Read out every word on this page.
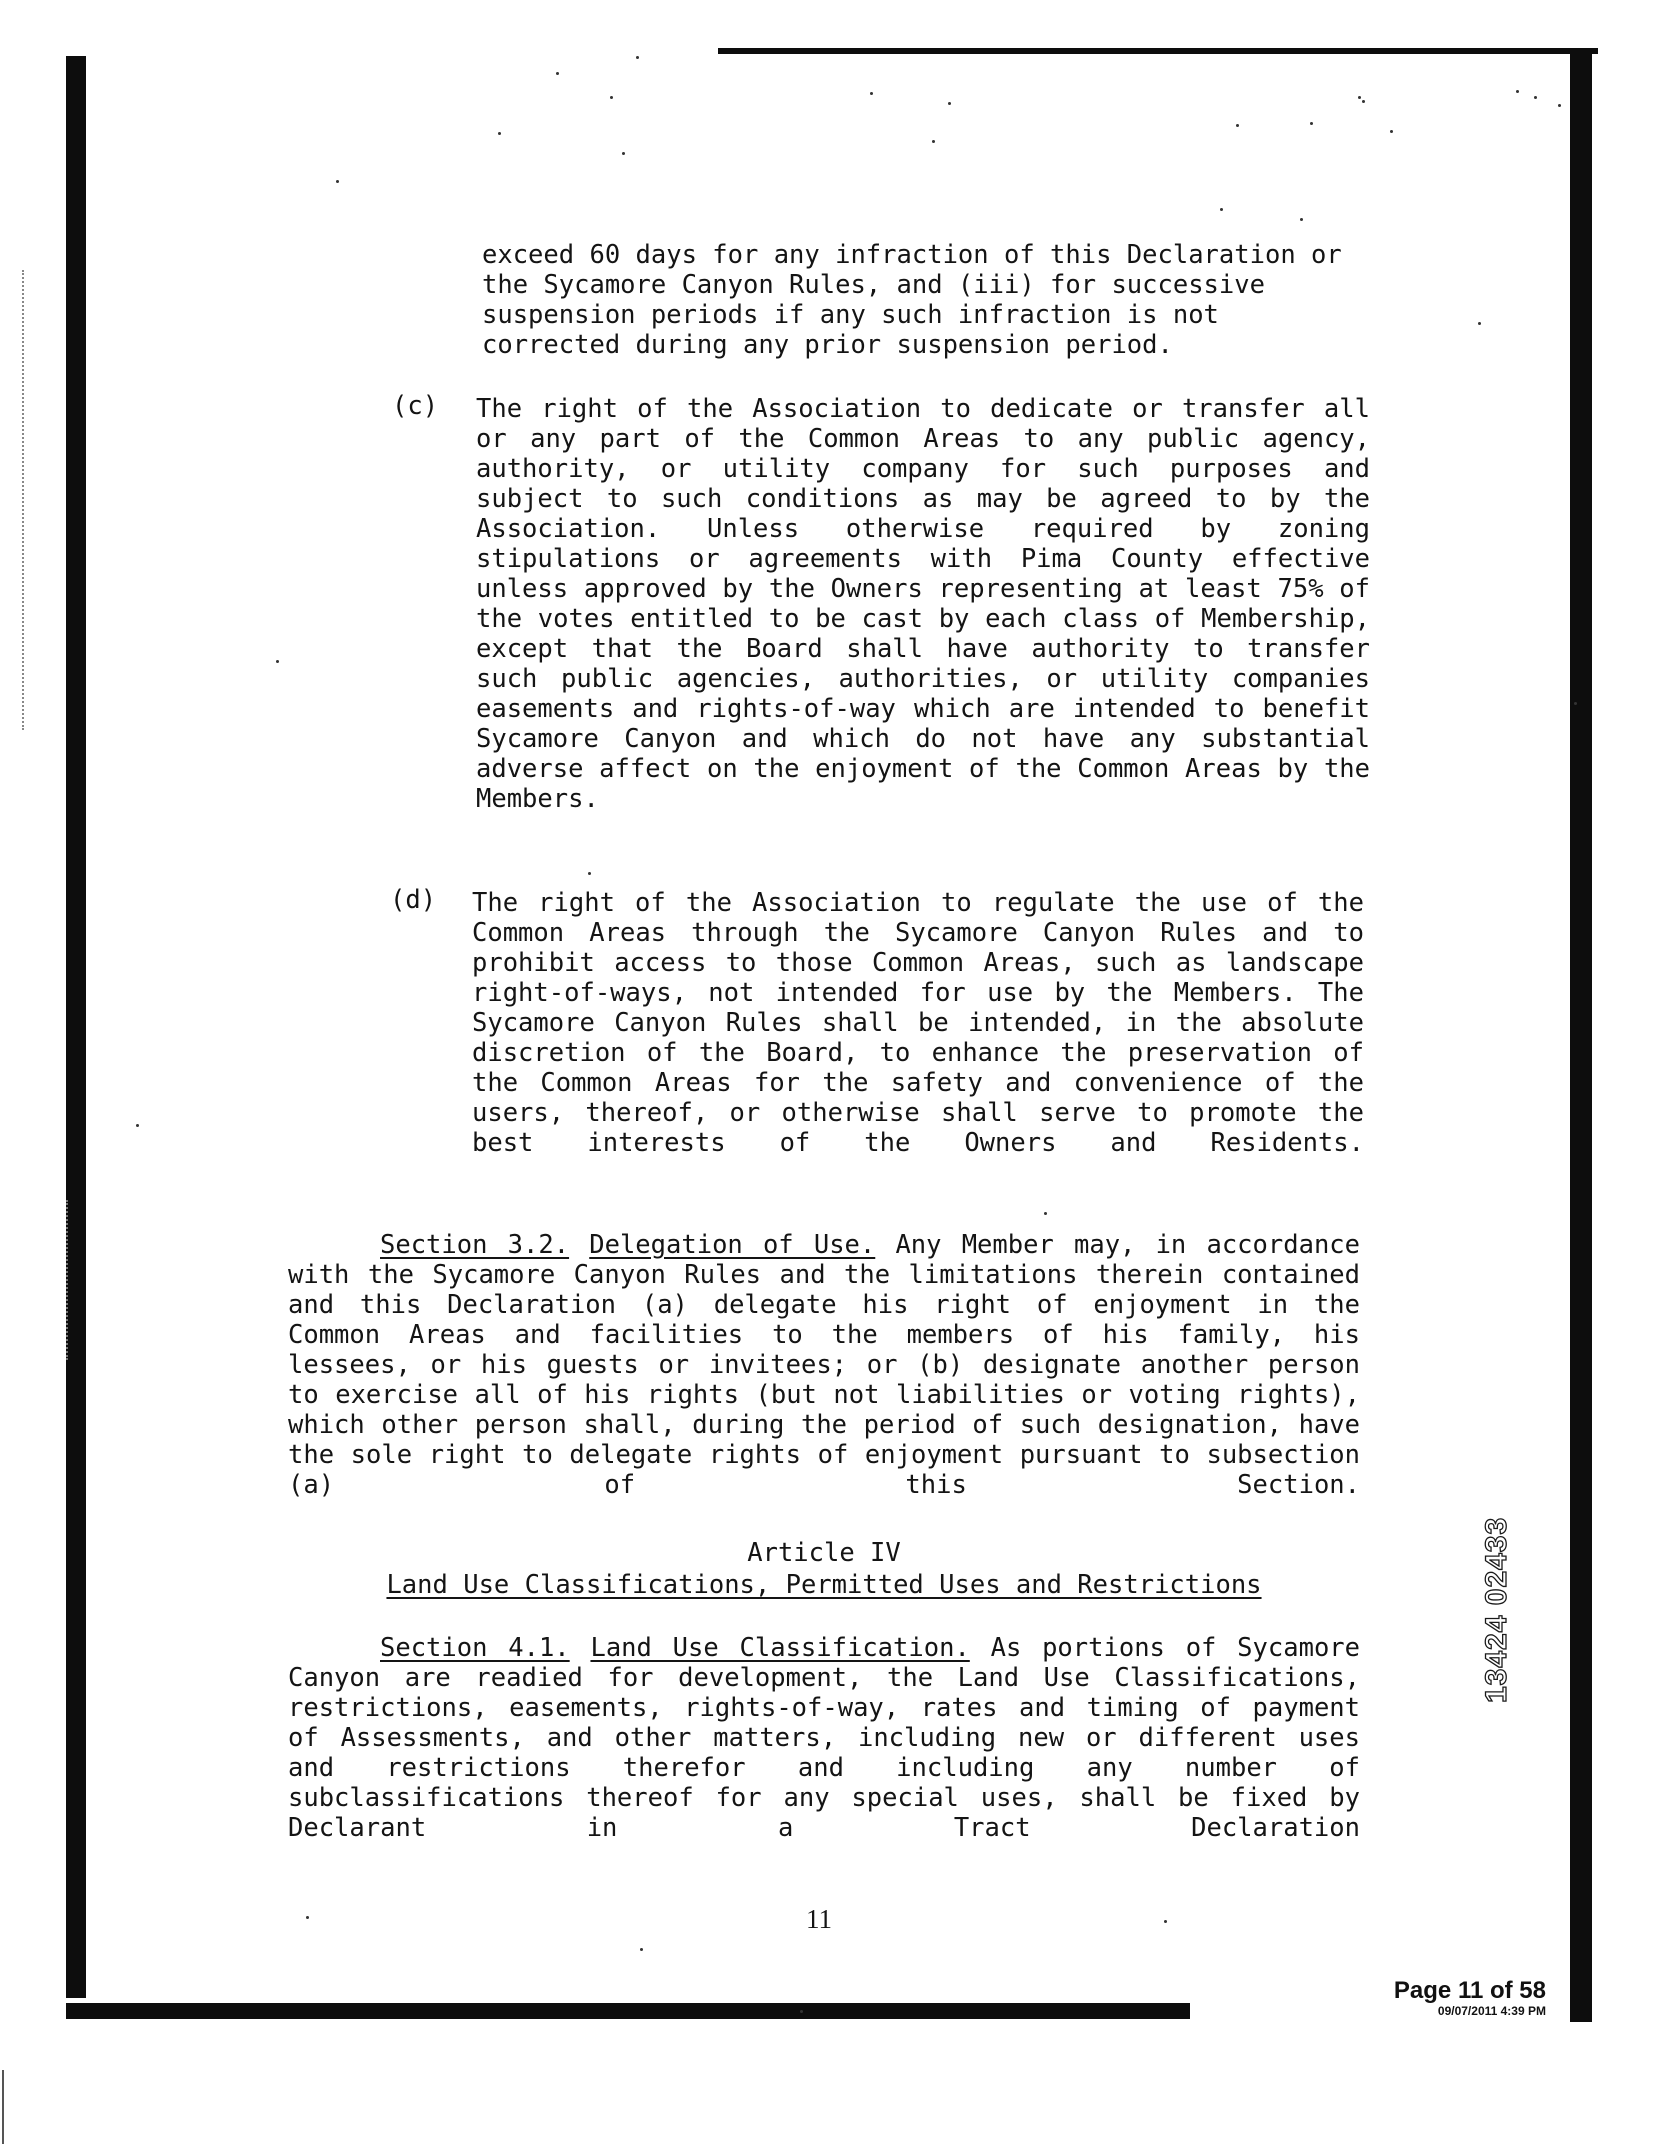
exceed 60 days for any infraction of this Declaration or the Sycamore Canyon Rules, and (iii) for successive suspension periods if any such infraction is not corrected during any prior suspension period.

(c) The right of the Association to dedicate or transfer all or any part of the Common Areas to any public agency, authority, or utility company for such purposes and subject to such conditions as may be agreed to by the Association. Unless otherwise required by zoning stipulations or agreements with Pima County effective unless approved by the Owners representing at least 75% of the votes entitled to be cast by each class of Membership, except that the Board shall have authority to transfer such public agencies, authorities, or utility companies easements and rights-of-way which are intended to benefit Sycamore Canyon and which do not have any substantial adverse affect on the enjoyment of the Common Areas by the Members.

(d) The right of the Association to regulate the use of the Common Areas through the Sycamore Canyon Rules and to prohibit access to those Common Areas, such as landscape right-of-ways, not intended for use by the Members. The Sycamore Canyon Rules shall be intended, in the absolute discretion of the Board, to enhance the preservation of the Common Areas for the safety and convenience of the users, thereof, or otherwise shall serve to promote the best interests of the Owners and Residents.

Section 3.2. Delegation of Use. Any Member may, in accordance with the Sycamore Canyon Rules and the limitations therein contained and this Declaration (a) delegate his right of enjoyment in the Common Areas and facilities to the members of his family, his lessees, or his guests or invitees; or (b) designate another person to exercise all of his rights (but not liabilities or voting rights), which other person shall, during the period of such designation, have the sole right to delegate rights of enjoyment pursuant to subsection (a) of this Section.

Article IV
Land Use Classifications, Permitted Uses and Restrictions

Section 4.1. Land Use Classification. As portions of Sycamore Canyon are readied for development, the Land Use Classifications, restrictions, easements, rights-of-way, rates and timing of payment of Assessments, and other matters, including new or different uses and restrictions therefor and including any number of subclassifications thereof for any special uses, shall be fixed by Declarant in a Tract Declaration

11
13424 02433
Page 11 of 58
09/07/2011 4:39 PM
